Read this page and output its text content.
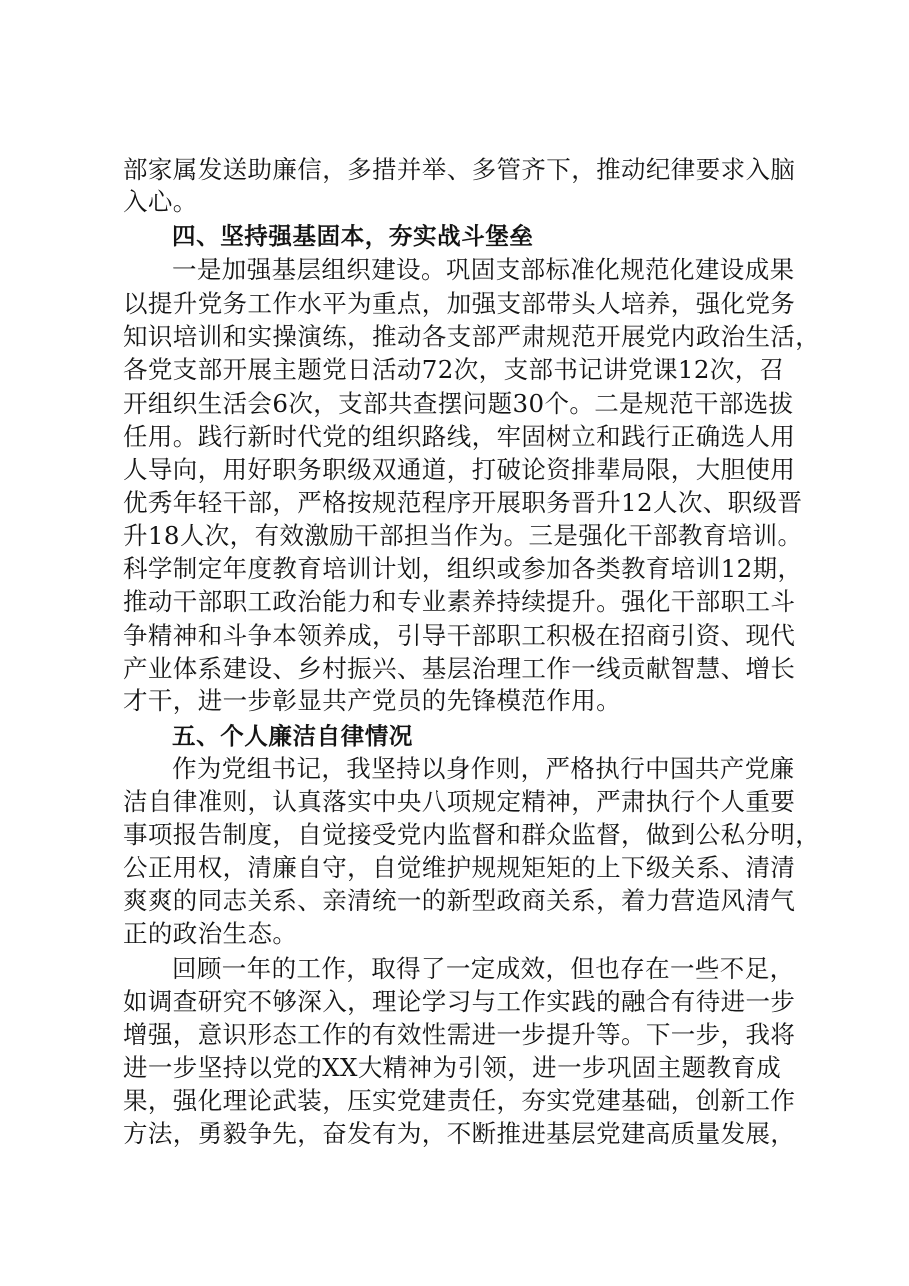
部家属发送助廉信，多措并举、多管齐下，推动纪律要求入脑
入心。
四、坚持强基固本，夯实战斗堡垒
一是加强基层组织建设。巩固支部标准化规范化建设成果
以提升党务工作水平为重点，加强支部带头人培养，强化党务
知识培训和实操演练，推动各支部严肃规范开展党内政治生活，
各党支部开展主题党日活动72次，支部书记讲党课12次，召
开组织生活会6次，支部共查摆问题30个。二是规范干部选拔
任用。践行新时代党的组织路线，牢固树立和践行正确选人用
人导向，用好职务职级双通道，打破论资排辈局限，大胆使用
优秀年轻干部，严格按规范程序开展职务晋升12人次、职级晋
升18人次，有效激励干部担当作为。三是强化干部教育培训。
科学制定年度教育培训计划，组织或参加各类教育培训12期，
推动干部职工政治能力和专业素养持续提升。强化干部职工斗
争精神和斗争本领养成，引导干部职工积极在招商引资、现代
产业体系建设、乡村振兴、基层治理工作一线贡献智慧、增长
才干，进一步彰显共产党员的先锋模范作用。
五、个人廉洁自律情况
作为党组书记，我坚持以身作则，严格执行中国共产党廉
洁自律准则，认真落实中央八项规定精神，严肃执行个人重要
事项报告制度，自觉接受党内监督和群众监督，做到公私分明，
公正用权，清廉自守，自觉维护规规矩矩的上下级关系、清清
爽爽的同志关系、亲清统一的新型政商关系，着力营造风清气
正的政治生态。
回顾一年的工作，取得了一定成效，但也存在一些不足，
如调查研究不够深入，理论学习与工作实践的融合有待进一步
增强，意识形态工作的有效性需进一步提升等。下一步，我将
进一步坚持以党的XX大精神为引领，进一步巩固主题教育成
果，强化理论武装，压实党建责任，夯实党建基础，创新工作
方法，勇毅争先，奋发有为，不断推进基层党建高质量发展，
